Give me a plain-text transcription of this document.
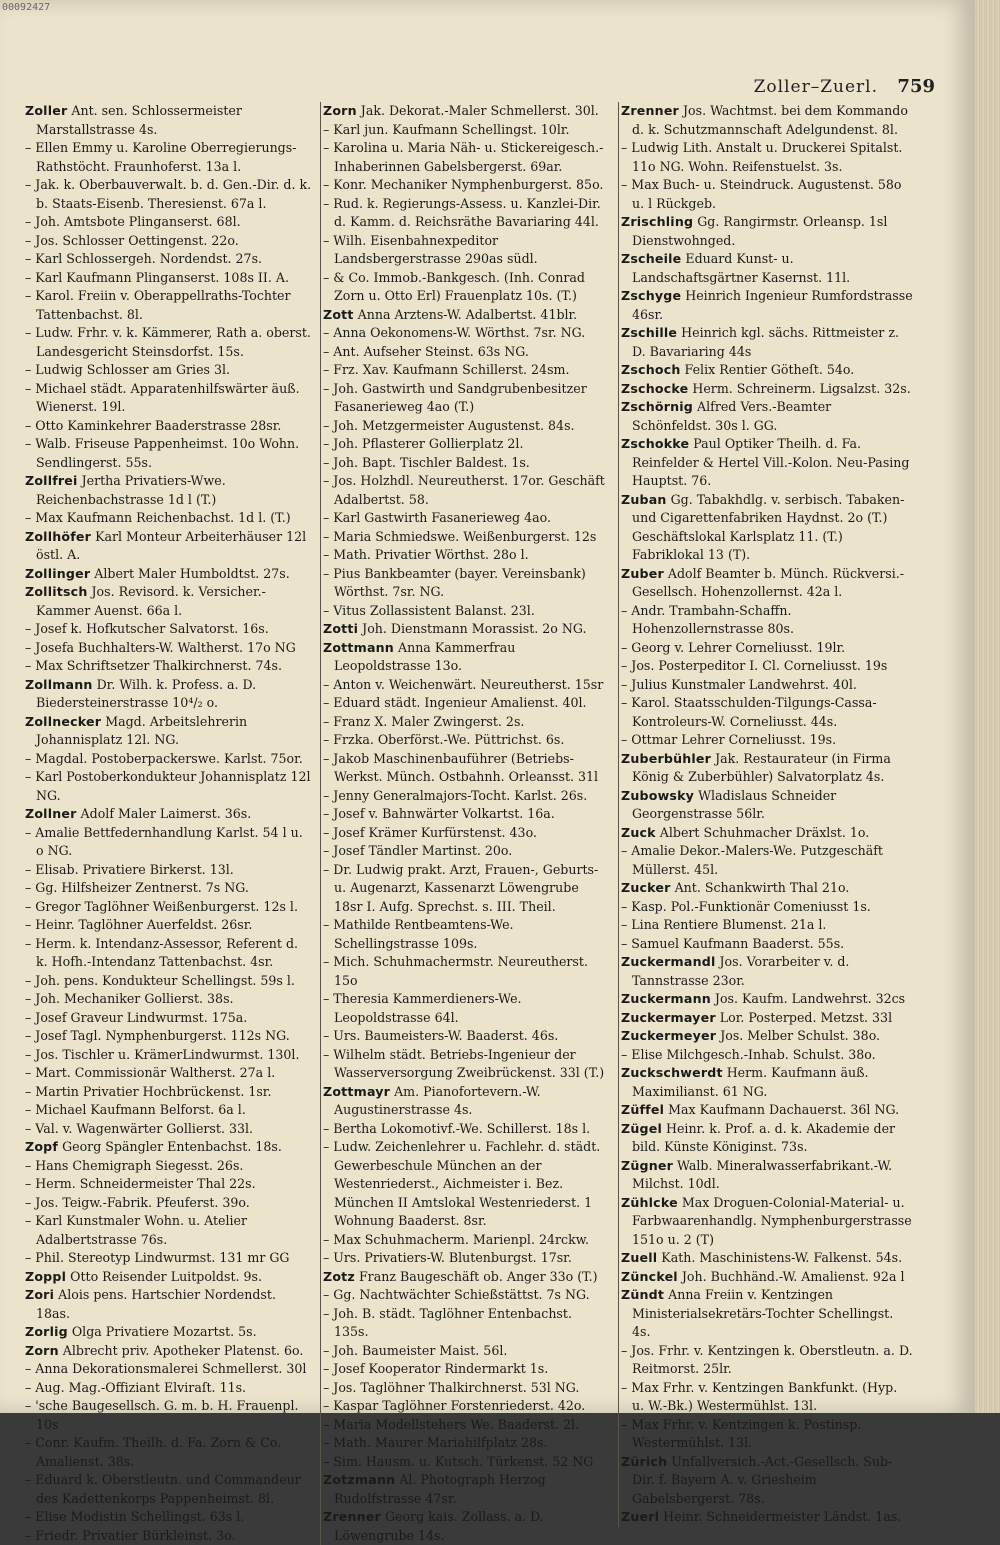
00092427
Zoller–Zuerl. 759
Zoller Ant. sen. Schlossermeister Marstallstrasse 4s.
– Ellen Emmy u. Karoline Oberregierungs-Rathstöcht. Fraunhoferst. 13a l.
– Jak. k. Oberbauverwalt. b. d. Gen.-Dir. d. k. b. Staats-Eisenb. Theresienst. 67a l.
– Joh. Amtsbote Plinganserst. 68l.
– Jos. Schlosser Oettingenst. 22o.
– Karl Schlossergeh. Nordendst. 27s.
– Karl Kaufmann Plinganserst. 108s II. A.
– Karol. Freiin v. Oberappellraths-Tochter Tattenbachst. 8l.
– Ludw. Frhr. v. k. Kämmerer, Rath a. oberst. Landesgericht Steinsdorfst. 15s.
– Ludwig Schlosser am Gries 3l.
– Michael städt. Apparatenhilfswärter äuß. Wienerst. 19l.
– Otto Kaminkehrer Baaderstrasse 28sr.
– Walb. Friseuse Pappenheimst. 10o Wohn. Sendlingerst. 55s.
Zollfrei Jertha Privatiers-Wwe. Reichenbachstrasse 1d l (T.)
– Max Kaufmann Reichenbachst. 1d l. (T.)
Zollhöfer Karl Monteur Arbeiterhäuser 12l östl. A.
Zollinger Albert Maler Humboldtst. 27s.
Zollitsch Jos. Revisord. k. Versicher.-Kammer Auenst. 66a l.
– Josef k. Hofkutscher Salvatorst. 16s.
– Josefa Buchhalters-W. Waltherst. 17o NG
– Max Schriftsetzer Thalkirchnerst. 74s.
Zollmann Dr. Wilh. k. Profess. a. D. Biedersteinerstrasse 10⁴/₂ o.
Zollnecker Magd. Arbeitslehrerin Johannisplatz 12l. NG.
– Magdal. Postoberpackerswe. Karlst. 75or.
– Karl Postoberkondukteur Johannisplatz 12l NG.
Zollner Adolf Maler Laimerst. 36s.
– Amalie Bettfedernhandlung Karlst. 54 l u. o NG.
– Elisab. Privatiere Birkerst. 13l.
– Gg. Hilfsheizer Zentnerst. 7s NG.
– Gregor Taglöhner Weißenburgerst. 12s l.
– Heinr. Taglöhner Auerfeldst. 26sr.
– Herm. k. Intendanz-Assessor, Referent d. k. Hofh.-Intendanz Tattenbachst. 4sr.
– Joh. pens. Kondukteur Schellingst. 59s l.
– Joh. Mechaniker Gollierst. 38s.
– Josef Graveur Lindwurmst. 175a.
– Josef Tagl. Nymphenburgerst. 112s NG.
– Jos. Tischler u. KrämerLindwurmst. 130l.
– Mart. Commissionär Waltherst. 27a l.
– Martin Privatier Hochbrückenst. 1sr.
– Michael Kaufmann Belforst. 6a l.
– Val. v. Wagenwärter Gollierst. 33l.
Zopf Georg Spängler Entenbachst. 18s.
– Hans Chemigraph Siegesst. 26s.
– Herm. Schneidermeister Thal 22s.
– Jos. Teigw.-Fabrik. Pfeuferst. 39o.
– Karl Kunstmaler Wohn. u. Atelier Adalbertstrasse 76s.
– Phil. Stereotyp Lindwurmst. 131 mr GG
Zoppl Otto Reisender Luitpoldst. 9s.
Zori Alois pens. Hartschier Nordendst. 18as.
Zorlig Olga Privatiere Mozartst. 5s.
Zorn Albrecht priv. Apotheker Platenst. 6o.
– Anna Dekorationsmalerei Schmellerst. 30l
– Aug. Mag.-Offiziant Elviraſt. 11s.
– 'sche Baugesellsch. G. m. b. H. Frauenpl. 10s
– Conr. Kaufm. Theilh. d. Fa. Zorn & Co. Amalienst. 38s.
– Eduard k. Oberstleutn. und Commandeur des Kadettenkorps Pappenheimst. 8l.
– Elise Modistin Schellingst. 63s l.
– Friedr. Privatier Bürkleinst. 3o.
Zorn Jak. Dekorat.-Maler Schmellerst. 30l.
– Karl jun. Kaufmann Schellingst. 10lr.
– Karolina u. Maria Näh- u. Stickereigesch.-Inhaberinnen Gabelsbergerst. 69ar.
– Konr. Mechaniker Nymphenburgerst. 85o.
– Rud. k. Regierungs-Assess. u. Kanzlei-Dir. d. Kamm. d. Reichsräthe Bavariaring 44l.
– Wilh. Eisenbahnexpeditor Landsbergerstrasse 290as südl.
– & Co. Immob.-Bankgesch. (Inh. Conrad Zorn u. Otto Erl) Frauenplatz 10s. (T.)
Zott Anna Arztens-W. Adalbertst. 41blr.
– Anna Oekonomens-W. Wörthst. 7sr. NG.
– Ant. Aufseher Steinst. 63s NG.
– Frz. Xav. Kaufmann Schillerst. 24sm.
– Joh. Gastwirth und Sandgrubenbesitzer Fasanerieweg 4ao (T.)
– Joh. Metzgermeister Augustenst. 84s.
– Joh. Pflasterer Gollierplatz 2l.
– Joh. Bapt. Tischler Baldest. 1s.
– Jos. Holzhdl. Neureutherst. 17or. Geschäft Adalbertst. 58.
– Karl Gastwirth Fasanerieweg 4ao.
– Maria Schmiedswe. Weißenburgerst. 12s
– Math. Privatier Wörthst. 28o l.
– Pius Bankbeamter (bayer. Vereinsbank) Wörthst. 7sr. NG.
– Vitus Zollassistent Balanst. 23l.
Zotti Joh. Dienstmann Morassist. 2o NG.
Zottmann Anna Kammerfrau Leopoldstrasse 13o.
– Anton v. Weichenwärt. Neureutherst. 15sr
– Eduard städt. Ingenieur Amalienst. 40l.
– Franz X. Maler Zwingerst. 2s.
– Frzka. Oberförst.-We. Püttrichst. 6s.
– Jakob Maschinenbauführer (Betriebs-Werkst. Münch. Ostbahnh. Orleansst. 31l
– Jenny Generalmajors-Tocht. Karlst. 26s.
– Josef v. Bahnwärter Volkartst. 16a.
– Josef Krämer Kurfürstenst. 43o.
– Josef Tändler Martinst. 20o.
– Dr. Ludwig prakt. Arzt, Frauen-, Geburts- u. Augenarzt, Kassenarzt Löwengrube 18sr I. Aufg. Sprechst. s. III. Theil.
– Mathilde Rentbeamtens-We. Schellingstrasse 109s.
– Mich. Schuhmachermstr. Neureutherst. 15o
– Theresia Kammerdieners-We. Leopoldstrasse 64l.
– Urs. Baumeisters-W. Baaderst. 46s.
– Wilhelm städt. Betriebs-Ingenieur der Wasserversorgung Zweibrückenst. 33l (T.)
Zottmayr Am. Pianofortevern.-W. Augustinerstrasse 4s.
– Bertha Lokomotivf.-We. Schillerst. 18s l.
– Ludw. Zeichenlehrer u. Fachlehr. d. städt. Gewerbeschule München an der Westenriederst., Aichmeister i. Bez. München II Amtslokal Westenriederst. 1 Wohnung Baaderst. 8sr.
– Max Schuhmacherm. Marienpl. 24rckw.
– Urs. Privatiers-W. Blutenburgst. 17sr.
Zotz Franz Baugeschäft ob. Anger 33o (T.)
– Gg. Nachtwächter Schießstättst. 7s NG.
– Joh. B. städt. Taglöhner Entenbachst. 135s.
– Joh. Baumeister Maist. 56l.
– Josef Kooperator Rindermarkt 1s.
– Jos. Taglöhner Thalkirchnerst. 53l NG.
– Kaspar Taglöhner Forstenriederst. 42o.
– Maria Modellstehers We. Baaderst. 2l.
– Math. Maurer Mariahilfplatz 28s.
– Sim. Hausm. u. Kutsch. Türkenst. 52 NG
Zotzmann Al. Photograph Herzog Rudolfstrasse 47sr.
Zrenner Georg kais. Zollass. a. D. Löwengrube 14s.
Zrenner Jos. Wachtmst. bei dem Kommando d. k. Schutzmannschaft Adelgundenst. 8l.
– Ludwig Lith. Anstalt u. Druckerei Spitalst. 11o NG. Wohn. Reifenstuelst. 3s.
– Max Buch- u. Steindruck. Augustenst. 58o u. l Rückgeb.
Zrischling Gg. Rangirmstr. Orleansp. 1sl Dienstwohnged.
Zscheile Eduard Kunst- u. Landschaftsgärtner Kasernst. 11l.
Zschyge Heinrich Ingenieur Rumfordstrasse 46sr.
Zschille Heinrich kgl. sächs. Rittmeister z. D. Bavariaring 44s
Zschoch Felix Rentier Götheſt. 54o.
Zschocke Herm. Schreinerm. Ligsalzst. 32s.
Zschörnig Alfred Vers.-Beamter Schönfeldst. 30s l. GG.
Zschokke Paul Optiker Theilh. d. Fa. Reinfelder & Hertel Vill.-Kolon. Neu-Pasing Hauptst. 76.
Zuban Gg. Tabakhdlg. v. serbisch. Tabaken- und Cigarettenfabriken Haydnst. 2o (T.) Geschäftslokal Karlsplatz 11. (T.) Fabriklokal 13 (T).
Zuber Adolf Beamter b. Münch. Rückversi.-Gesellsch. Hohenzollernst. 42a l.
– Andr. Trambahn-Schaffn. Hohenzollernstrasse 80s.
– Georg v. Lehrer Corneliusst. 19lr.
– Jos. Posterpeditor I. Cl. Corneliusst. 19s
– Julius Kunstmaler Landwehrst. 40l.
– Karol. Staatsschulden-Tilgungs-Cassa-Kontroleurs-W. Corneliusst. 44s.
– Ottmar Lehrer Corneliusst. 19s.
Zuberbühler Jak. Restaurateur (in Firma König & Zuberbühler) Salvatorplatz 4s.
Zubowsky Wladislaus Schneider Georgenstrasse 56lr.
Zuck Albert Schuhmacher Dräxlst. 1o.
– Amalie Dekor.-Malers-We. Putzgeschäft Müllerst. 45l.
Zucker Ant. Schankwirth Thal 21o.
– Kasp. Pol.-Funktionär Comeniusst 1s.
– Lina Rentiere Blumenst. 21a l.
– Samuel Kaufmann Baaderst. 55s.
Zuckermandl Jos. Vorarbeiter v. d. Tannstrasse 23or.
Zuckermann Jos. Kaufm. Landwehrst. 32cs
Zuckermayer Lor. Posterped. Metzst. 33l
Zuckermeyer Jos. Melber Schulst. 38o.
– Elise Milchgesch.-Inhab. Schulst. 38o.
Zuckschwerdt Herm. Kaufmann äuß. Maximilianst. 61 NG.
Züffel Max Kaufmann Dachauerst. 36l NG.
Zügel Heinr. k. Prof. a. d. k. Akademie der bild. Künste Königinst. 73s.
Zügner Walb. Mineralwasserfabrikant.-W. Milchst. 10dl.
Zühlcke Max Droguen-Colonial-Material- u. Farbwaarenhandlg. Nymphenburgerstrasse 151o u. 2 (T)
Zuell Kath. Maschinistens-W. Falkenst. 54s.
Zünckel Joh. Buchhänd.-W. Amalienst. 92a l
Zündt Anna Freiin v. Kentzingen Ministerialsekretärs-Tochter Schellingst. 4s.
– Jos. Frhr. v. Kentzingen k. Oberstleutn. a. D. Reitmorst. 25lr.
– Max Frhr. v. Kentzingen Bankfunkt. (Hyp. u. W.-Bk.) Westermühlst. 13l.
– Max Frhr. v. Kentzingen k. Postinsp. Westermühlst. 13l.
Zürich Unfallversich.-Act.-Gesellsch. Sub-Dir. f. Bayern A. v. Griesheim Gabelsbergerst. 78s.
Zuerl Heinr. Schneidermeister Ländst. 1as.
